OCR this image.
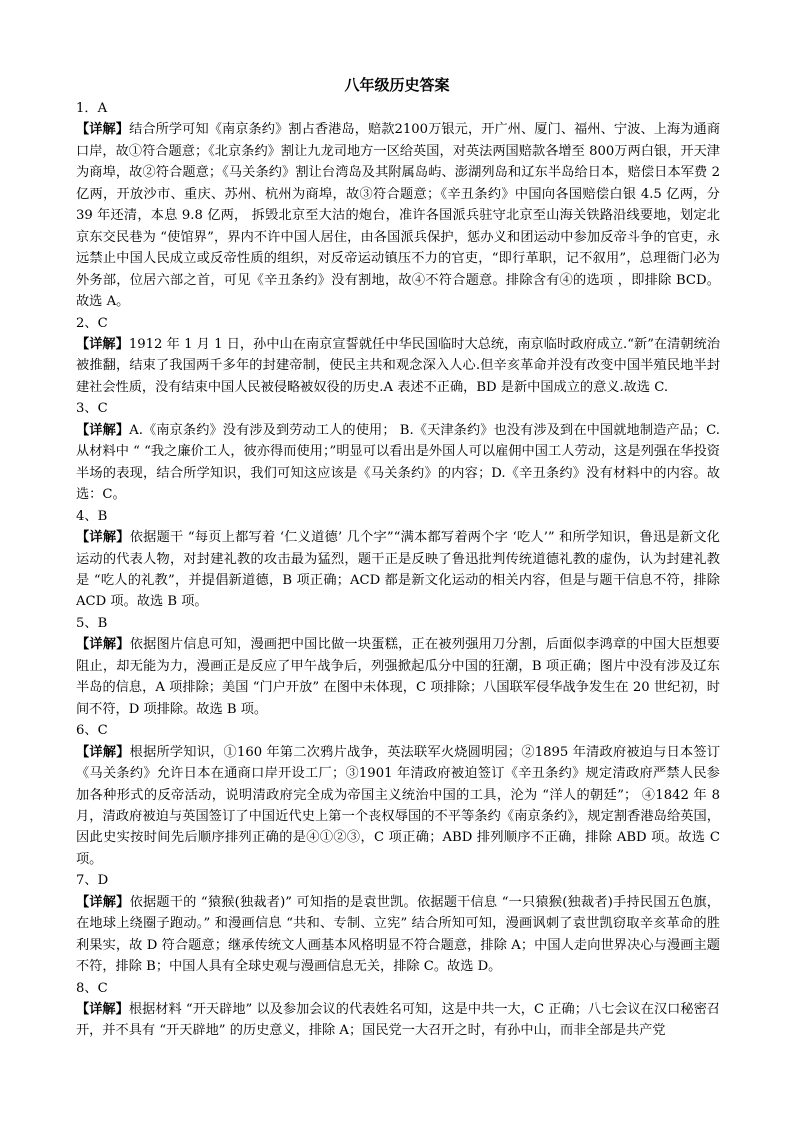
八年级历史答案

1．A

【详解】结合所学可知《南京条约》割占香港岛，赔款2100万银元，开广州、厦门、福州、宁波、上海为通商口岸，故①符合题意；《北京条约》割让九龙司地方一区给英国，对英法两国赔款各增至 800万两白银，开天津为商埠，故②符合题意；《马关条约》割让台湾岛及其附属岛屿、澎湖列岛和辽东半岛给日本，赔偿日本军费 2 亿两，开放沙市、重庆、苏州、杭州为商埠，故③符合题意；《辛丑条约》中国向各国赔偿白银 4.5 亿两，分 39 年还清，本息 9.8 亿两， 拆毁北京至大沽的炮台，准许各国派兵驻守北京至山海关铁路沿线要地，划定北京东交民巷为 “使馆界”，界内不许中国人居住，由各国派兵保护，惩办义和团运动中参加反帝斗争的官吏，永远禁止中国人民成立或反帝性质的组织，对反帝运动镇压不力的官吏，“即行革职，记不叙用”，总理衙门必为外务部，位居六部之首，可见《辛丑条约》没有割地，故④不符合题意。排除含有④的选项 ，即排除 BCD。故选 A。

2、C

【详解】1912 年 1 月 1 日，孙中山在南京宣誓就任中华民国临时大总统，南京临时政府成立.“新”在清朝统治被推翻，结束了我国两千多年的封建帝制，使民主共和观念深入人心.但辛亥革命并没有改变中国半殖民地半封建社会性质，没有结束中国人民被侵略被奴役的历史.A 表述不正确，BD 是新中国成立的意义.故选 C.

3、C

【详解】A.《南京条约》没有涉及到劳动工人的使用； B.《天津条约》也没有涉及到在中国就地制造产品；C.从材料中 “ “我之廉价工人，彼亦得而使用；”明显可以看出是外国人可以雇佣中国工人劳动，这是列强在华投资半场的表现，结合所学知识，我们可知这应该是《马关条约》的内容；D.《辛丑条约》没有材料中的内容。故选：C。

4、B

【详解】依据题干 “每页上都写着 ‘仁义道德’ 几个字”“满本都写着两个字 ‘吃人’” 和所学知识，鲁迅是新文化运动的代表人物，对封建礼教的攻击最为猛烈，题干正是反映了鲁迅批判传统道德礼教的虚伪，认为封建礼教是 “吃人的礼教”，并提倡新道德，B 项正确；ACD 都是新文化运动的相关内容，但是与题干信息不符，排除 ACD 项。故选 B 项。

5、B

【详解】依据图片信息可知，漫画把中国比做一块蛋糕，正在被列强用刀分割，后面似李鸿章的中国大臣想要阻止，却无能为力，漫画正是反应了甲午战争后，列强掀起瓜分中国的狂潮，B 项正确；图片中没有涉及辽东半岛的信息，A 项排除；美国 “门户开放” 在图中未体现，C 项排除；八国联军侵华战争发生在 20 世纪初，时间不符，D 项排除。故选 B 项。

6、C

【详解】根据所学知识，①160 年第二次鸦片战争，英法联军火烧圆明园；②1895 年清政府被迫与日本签订《马关条约》允许日本在通商口岸开设工厂；③1901 年清政府被迫签订《辛丑条约》规定清政府严禁人民参加各种形式的反帝活动，说明清政府完全成为帝国主义统治中国的工具，沦为 “洋人的朝廷”； ④1842 年 8 月，清政府被迫与英国签订了中国近代史上第一个丧权辱国的不平等条约《南京条约》，规定割香港岛给英国，因此史实按时间先后顺序排列正确的是④①②③，C 项正确；ABD 排列顺序不正确，排除 ABD 项。故选 C 项。

7、D

【详解】依据题干的 “猿猴(独裁者)” 可知指的是袁世凯。依据题干信息 “一只猿猴(独裁者)手持民国五色旗，在地球上绕圈子跑动。” 和漫画信息 “共和、专制、立宪” 结合所知可知，漫画讽刺了袁世凯窃取辛亥革命的胜利果实，故 D 符合题意；继承传统文人画基本风格明显不符合题意，排除 A；中国人走向世界决心与漫画主题不符，排除 B；中国人具有全球史观与漫画信息无关，排除 C。故选 D。

8、C

【详解】根据材料 “开天辟地” 以及参加会议的代表姓名可知，这是中共一大，C 正确；八七会议在汉口秘密召开，并不具有 “开天辟地” 的历史意义，排除 A；国民党一大召开之时，有孙中山，而非全部是共产党
